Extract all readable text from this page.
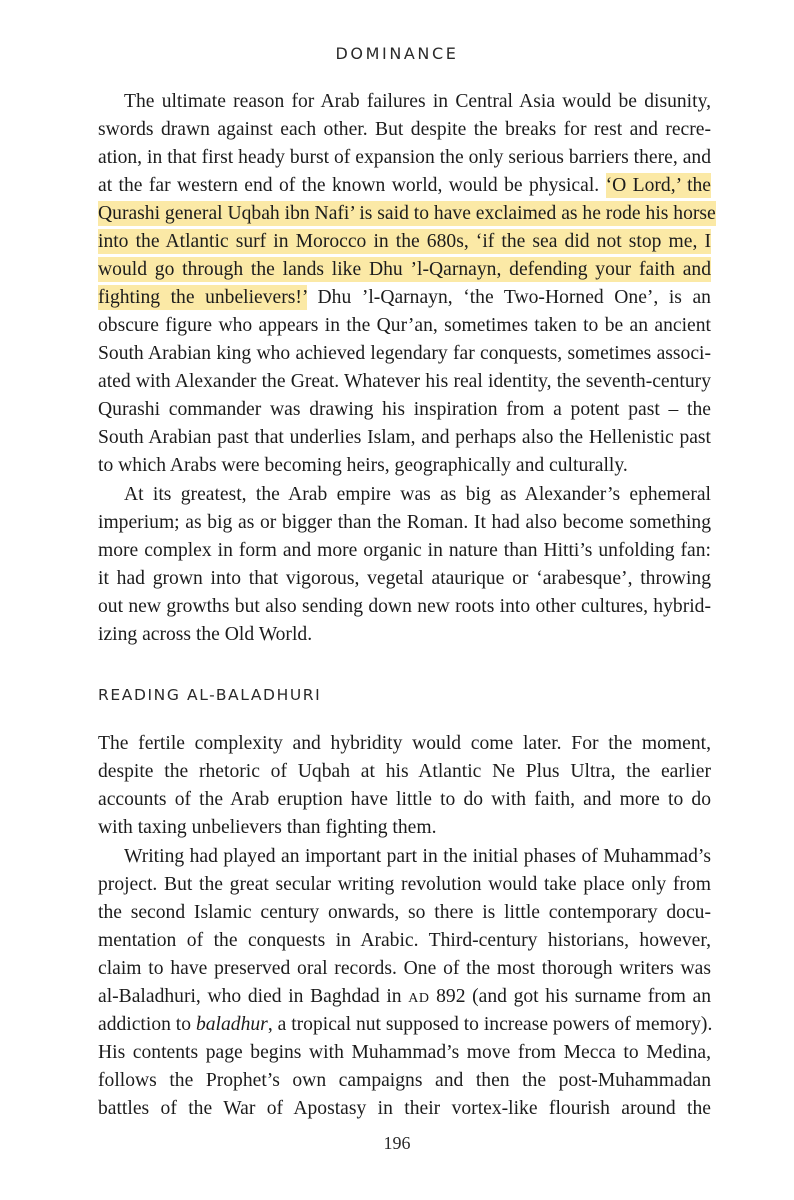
DOMINANCE
The ultimate reason for Arab failures in Central Asia would be disunity,
swords drawn against each other. But despite the breaks for rest and recre-
ation, in that first heady burst of expansion the only serious barriers there, and
at the far western end of the known world, would be physical. ‘O Lord,’ the
Qurashi general Uqbah ibn Nafi’ is said to have exclaimed as he rode his horse
into the Atlantic surf in Morocco in the 680s, ‘if the sea did not stop me, I
would go through the lands like Dhu ’l-Qarnayn, defending your faith and
fighting the unbelievers!’ Dhu ’l-Qarnayn, ‘the Two-Horned One’, is an
obscure figure who appears in the Qur’an, sometimes taken to be an ancient
South Arabian king who achieved legendary far conquests, sometimes associ-
ated with Alexander the Great. Whatever his real identity, the seventh-century
Qurashi commander was drawing his inspiration from a potent past – the
South Arabian past that underlies Islam, and perhaps also the Hellenistic past
to which Arabs were becoming heirs, geographically and culturally.
At its greatest, the Arab empire was as big as Alexander’s ephemeral
imperium; as big as or bigger than the Roman. It had also become something
more complex in form and more organic in nature than Hitti’s unfolding fan:
it had grown into that vigorous, vegetal ataurique or ‘arabesque’, throwing
out new growths but also sending down new roots into other cultures, hybrid-
izing across the Old World.
READING AL-BALADHURI
The fertile complexity and hybridity would come later. For the moment,
despite the rhetoric of Uqbah at his Atlantic Ne Plus Ultra, the earlier
accounts of the Arab eruption have little to do with faith, and more to do
with taxing unbelievers than fighting them.
Writing had played an important part in the initial phases of Muhammad’s
project. But the great secular writing revolution would take place only from
the second Islamic century onwards, so there is little contemporary docu-
mentation of the conquests in Arabic. Third-century historians, however,
claim to have preserved oral records. One of the most thorough writers was
al-Baladhuri, who died in Baghdad in AD 892 (and got his surname from an
addiction to baladhur, a tropical nut supposed to increase powers of memory).
His contents page begins with Muhammad’s move from Mecca to Medina,
follows the Prophet’s own campaigns and then the post-Muhammadan
battles of the War of Apostasy in their vortex-like flourish around the
196
